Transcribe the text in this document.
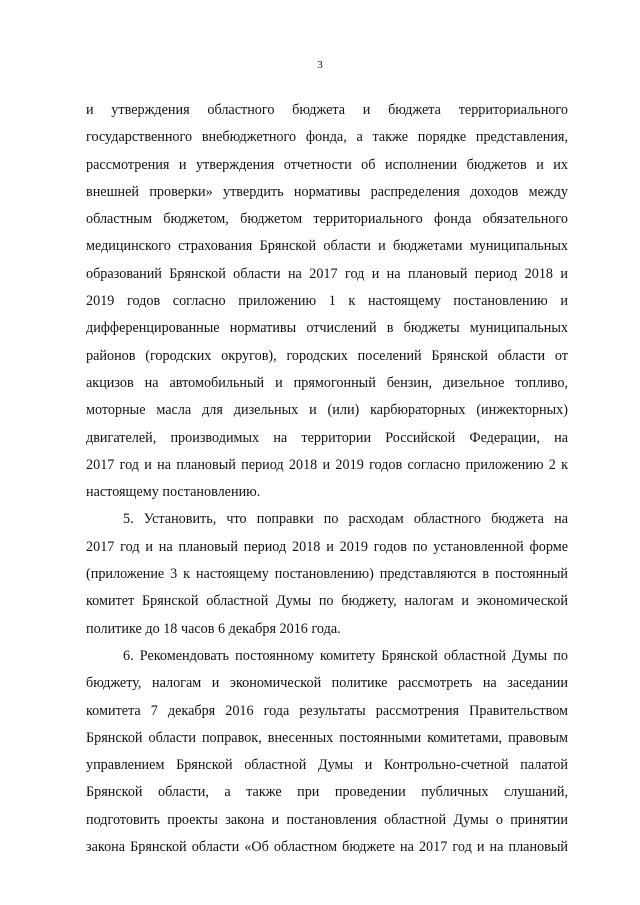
3
и утверждения областного бюджета и бюджета территориального
государственного внебюджетного фонда, а также порядке представления,
рассмотрения и утверждения отчетности об исполнении бюджетов и их
внешней проверки» утвердить нормативы распределения доходов между
областным бюджетом, бюджетом территориального фонда обязательного
медицинского страхования Брянской области и бюджетами муниципальных
образований Брянской области на 2017 год и на плановый период 2018 и
2019 годов согласно приложению 1 к настоящему постановлению и
дифференцированные нормативы отчислений в бюджеты муниципальных
районов (городских округов), городских поселений Брянской области от
акцизов на автомобильный и прямогонный бензин, дизельное топливо,
моторные масла для дизельных и (или) карбюраторных (инжекторных)
двигателей, производимых на территории Российской Федерации, на
2017 год и на плановый период 2018 и 2019 годов согласно приложению 2 к
настоящему постановлению.
5. Установить, что поправки по расходам областного бюджета на
2017 год и на плановый период 2018 и 2019 годов по установленной форме
(приложение 3 к настоящему постановлению) представляются в постоянный
комитет Брянской областной Думы по бюджету, налогам и экономической
политике до 18 часов 6 декабря 2016 года.
6. Рекомендовать постоянному комитету Брянской областной Думы по
бюджету, налогам и экономической политике рассмотреть на заседании
комитета 7 декабря 2016 года результаты рассмотрения Правительством
Брянской области поправок, внесенных постоянными комитетами, правовым
управлением Брянской областной Думы и Контрольно-счетной палатой
Брянской области, а также при проведении публичных слушаний,
подготовить проекты закона и постановления областной Думы о принятии
закона Брянской области «Об областном бюджете на 2017 год и на плановый
